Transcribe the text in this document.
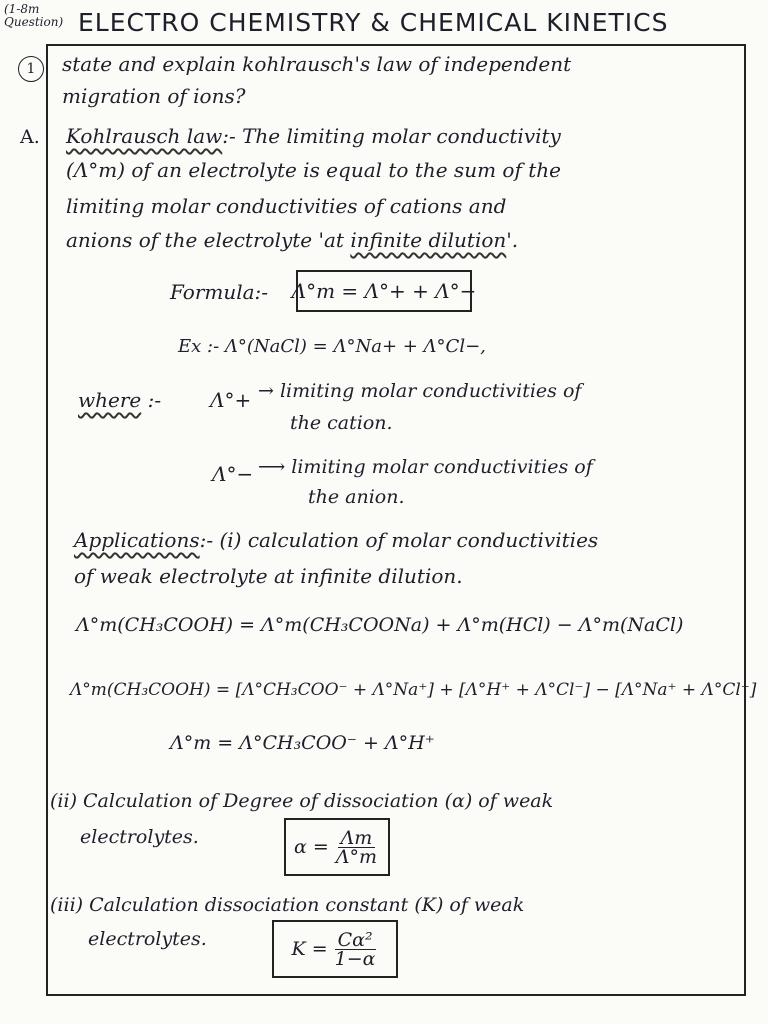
(1-8m
Question) ELECTRO CHEMISTRY & CHEMICAL KINETICS
1	state and explain kohlrausch's law of independent
migration of ions?
A. Kohlrausch law:- The limiting molar conductivity
(Λ°m) of an electrolyte is equal to the sum of the
limiting molar conductivities of cations and
anions of the electrolyte 'at infinite dilution'.
Formula:- Λ°m = Λ°+ + Λ°−
Ex :- Λ°(NaCl) = Λ°Na+ + Λ°Cl−,
where :- Λ°+ → limiting molar conductivities of
the cation.
Λ°− ⟶ limiting molar conductivities of
the anion.
Applications:- (i) calculation of molar conductivities
of weak electrolyte at infinite dilution.
Λ°m(CH₃COOH) = Λ°m(CH₃COONa) + Λ°m(HCl) − Λ°m(NaCl)
Λ°m(CH₃COOH) = [Λ°CH₃COO⁻ + Λ°Na⁺] + [Λ°H⁺ + Λ°Cl⁻] − [Λ°Na⁺ + Λ°Cl⁻]
Λ°m = Λ°CH₃COO⁻ + Λ°H⁺
(ii) Calculation of Degree of dissociation (α) of weak
electrolytes.	$\alpha = \frac{\Lambda m}{\Lambda^\circ m}$
(iii) Calculation dissociation constant (K) of weak
electrolytes.	$K = \frac{\text{Cα²}}{1-\alpha}$
